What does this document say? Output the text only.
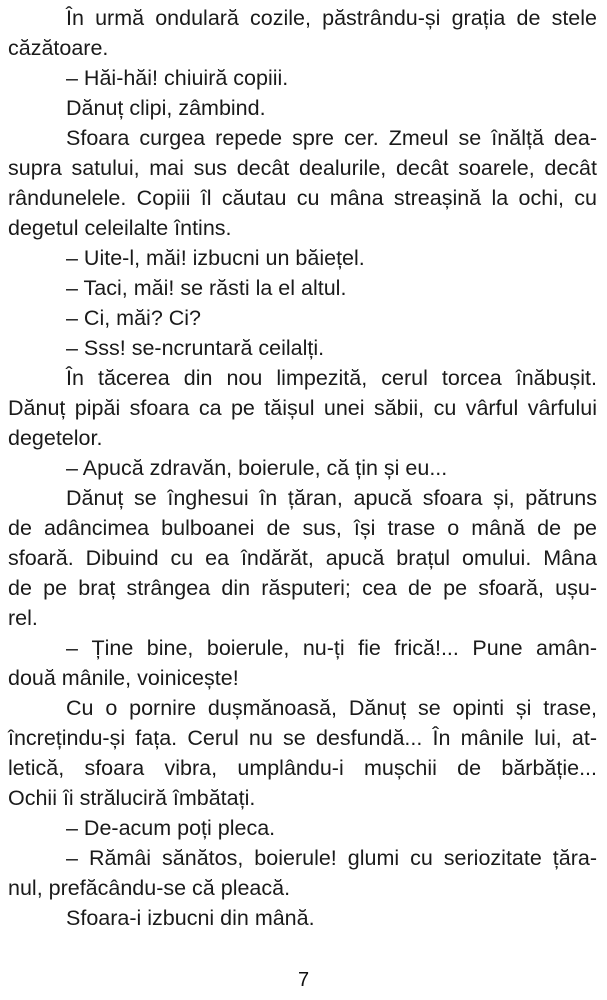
În urmă ondulară cozile, păstrându-și grația de stele
căzătoare.
– Hăi-hăi! chiuiră copiii.
Dănuț clipi, zâmbind.
Sfoara curgea repede spre cer. Zmeul se înălță dea-
supra satului, mai sus decât dealurile, decât soarele, decât
rândunelele. Copiii îl căutau cu mâna streașină la ochi, cu
degetul celeilalte întins.
– Uite-l, măi! izbucni un băiețel.
– Taci, măi! se răsti la el altul.
– Ci, măi? Ci?
– Sss! se-ncruntară ceilalți.
În tăcerea din nou limpezită, cerul torcea înăbușit.
Dănuț pipăi sfoara ca pe tăișul unei săbii, cu vârful vârfului
degetelor.
– Apucă zdravăn, boierule, că țin și eu...
Dănuț se înghesui în țăran, apucă sfoara și, pătruns
de adâncimea bulboanei de sus, își trase o mână de pe
sfoară. Dibuind cu ea îndărăt, apucă brațul omului. Mâna
de pe braț strângea din răsputeri; cea de pe sfoară, ușu-
rel.
– Ține bine, boierule, nu-ți fie frică!... Pune amân-
două mânile, voinicește!
Cu o pornire dușmănoasă, Dănuț se opinti și trase,
încrețindu-și fața. Cerul nu se desfundă... În mânile lui, at-
letică, sfoara vibra, umplându-i mușchii de bărbăție...
Ochii îi străluciră îmbătați.
– De-acum poți pleca.
– Rămâi sănătos, boierule! glumi cu seriozitate țăra-
nul, prefăcându-se că pleacă.
Sfoara-i izbucni din mână.
7
